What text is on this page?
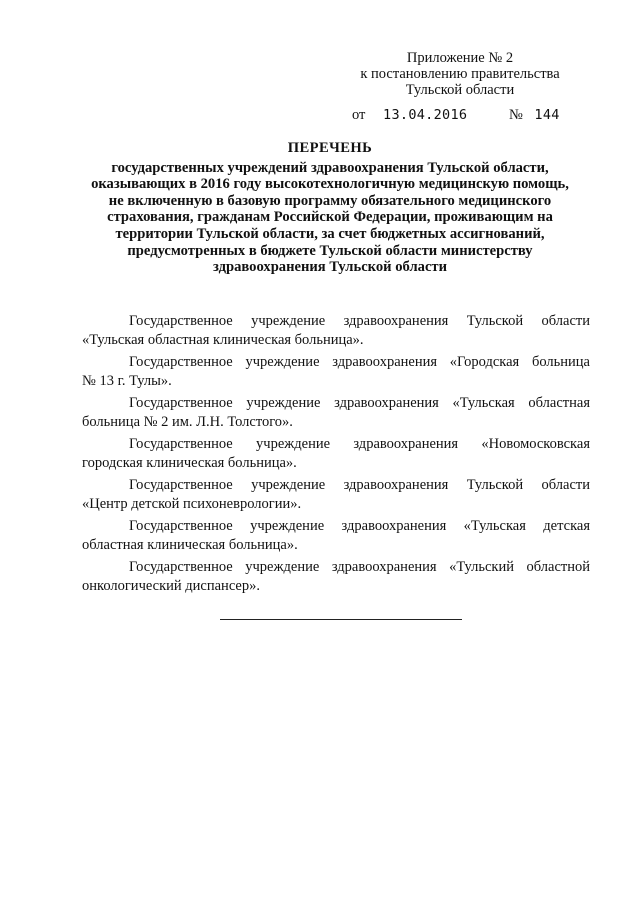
Приложение № 2
к постановлению правительства
Тульской области
от 13.04.2016	№ 144
ПЕРЕЧЕНЬ
государственных учреждений здравоохранения Тульской области,
оказывающих в 2016 году высокотехнологичную медицинскую помощь,
не включенную в базовую программу обязательного медицинского
страхования, гражданам Российской Федерации, проживающим на
территории Тульской области, за счет бюджетных ассигнований,
предусмотренных в бюджете Тульской области министерству
здравоохранения Тульской области
Государственное учреждение здравоохранения Тульской области
«Тульская областная клиническая больница».
Государственное учреждение здравоохранения «Городская больница
№ 13 г. Тулы».
Государственное учреждение здравоохранения «Тульская областная
больница № 2 им. Л.Н. Толстого».
Государственное учреждение здравоохранения «Новомосковская
городская клиническая больница».
Государственное учреждение здравоохранения Тульской области
«Центр детской психоневрологии».
Государственное учреждение здравоохранения «Тульская детская
областная клиническая больница».
Государственное учреждение здравоохранения «Тульский областной
онкологический диспансер».
